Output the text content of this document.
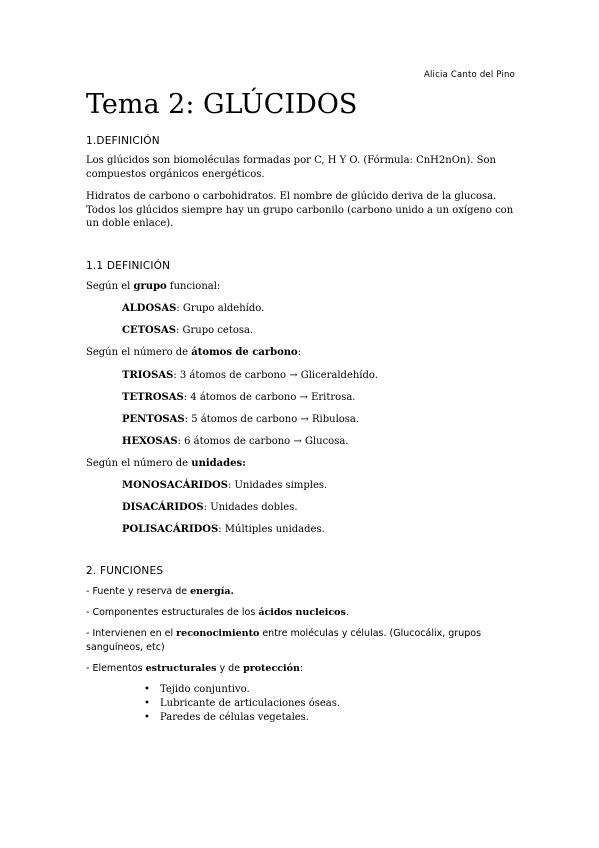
Alicia Canto del Pino
Tema 2: GLÚCIDOS

1.DEFINICIÓN

Los glúcidos son biomoléculas formadas por C, H Y O. (Fórmula: CnH2nOn). Son compuestos orgánicos energéticos.

Hidratos de carbono o carbohidratos. El nombre de glúcido deriva de la glucosa. Todos los glúcidos siempre hay un grupo carbonilo (carbono unido a un oxígeno con un doble enlace).

1.1 DEFINICIÓN

Según el grupo funcional:

ALDOSAS: Grupo aldehído.

CETOSAS: Grupo cetosa.

Según el número de átomos de carbono:

TRIOSAS: 3 átomos de carbono → Gliceraldehído.

TETROSAS: 4 átomos de carbono → Eritrosa.

PENTOSAS: 5 átomos de carbono → Ribulosa.

HEXOSAS: 6 átomos de carbono → Glucosa.

Según el número de unidades:

MONOSACÁRIDOS: Unidades simples.

DISACÁRIDOS: Unidades dobles.

POLISACÁRIDOS: Múltiples unidades.

2. FUNCIONES

- Fuente y reserva de energía.

- Componentes estructurales de los ácidos nucleicos.

- Intervienen en el reconocimiento entre moléculas y células. (Glucocálix, grupos sanguíneos, etc)

- Elementos estructurales y de protección:

• Tejido conjuntivo.
• Lubricante de articulaciones óseas.
• Paredes de células vegetales.
